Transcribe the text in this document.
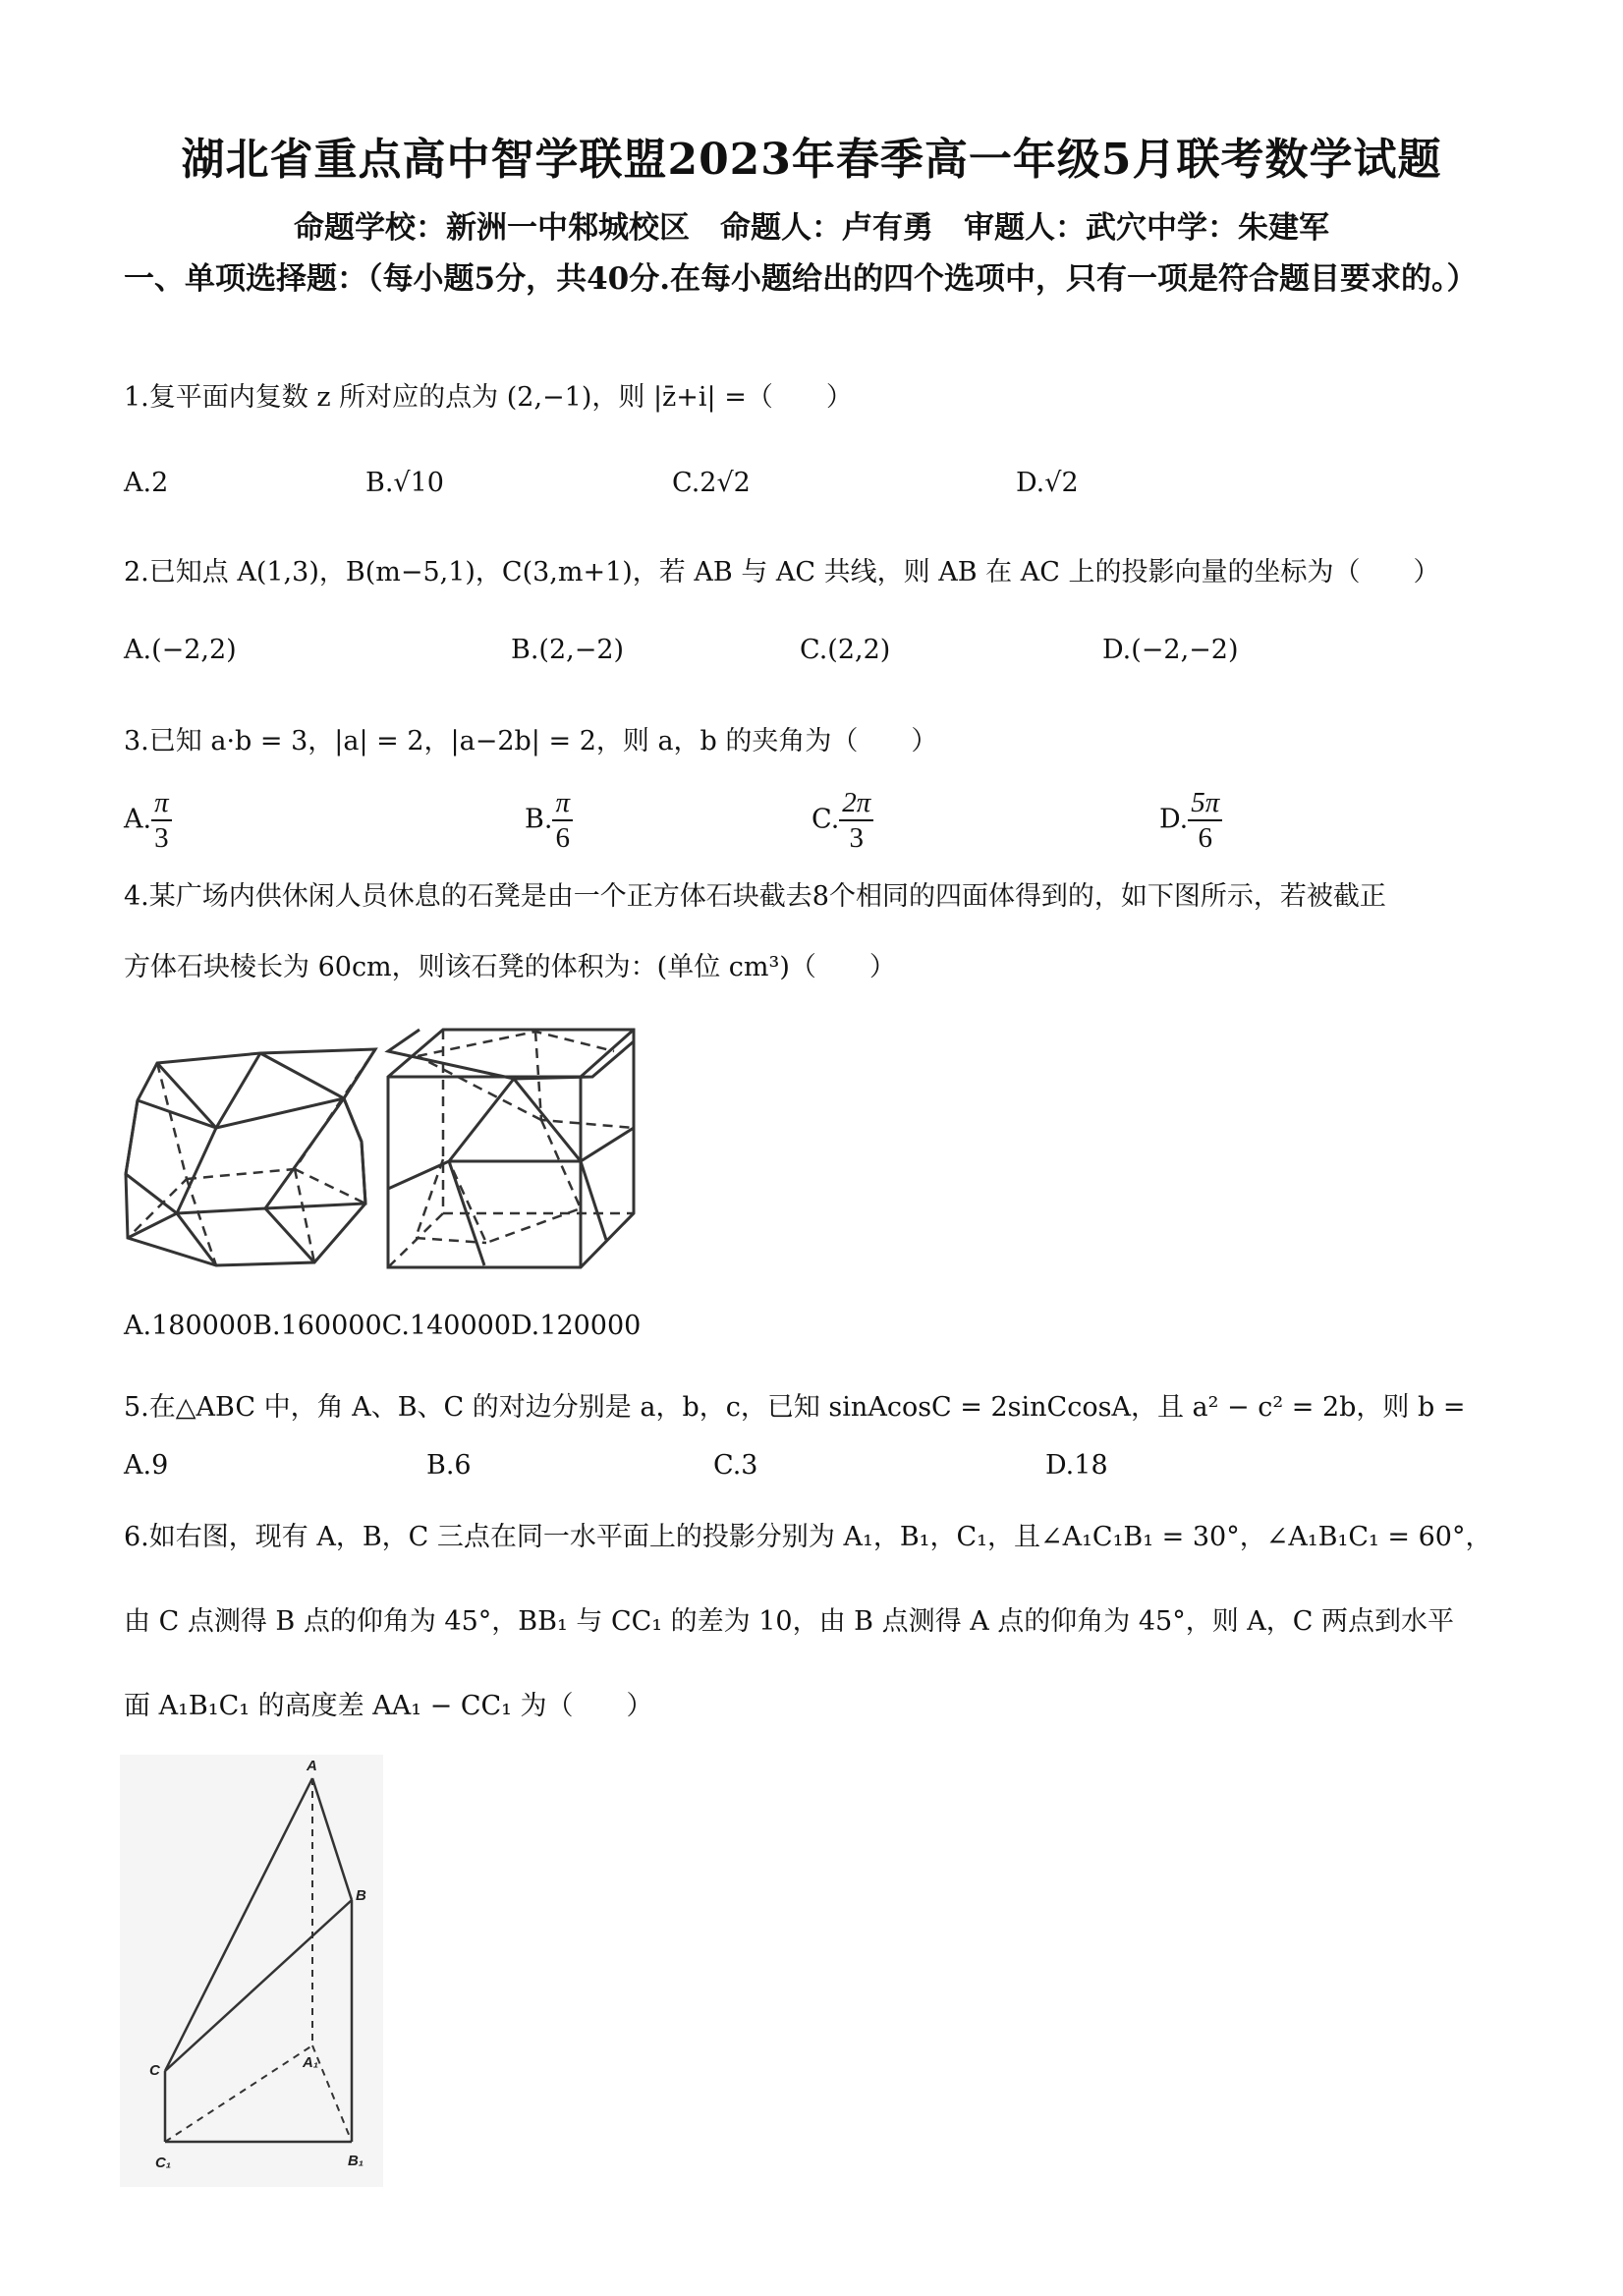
湖北省重点高中智学联盟2023年春季高一年级5月联考数学试题
命题学校：新洲一中邾城校区　命题人：卢有勇　审题人：武穴中学：朱建军
一、单项选择题：（每小题5分，共40分.在每小题给出的四个选项中，只有一项是符合题目要求的。）
1.复平面内复数 z 所对应的点为 (2,−1)，则 |z̄+i| =（　　）
A.2	B.√10	C.2√2	D.√2
2.已知点 A(1,3)，B(m−5,1)，C(3,m+1)，若 AB 与 AC 共线，则 AB 在 AC 上的投影向量的坐标为（　　）
A.(−2,2)	B.(2,−2)	C.(2,2)	D.(−2,−2)
3.已知 a·b = 3，|a| = 2，|a−2b| = 2，则 a，b 的夹角为（　　）
A. $\frac{\pi}{3}$	B. $\frac{\pi}{6}$	C. $\frac{2\pi}{3}$	D. $\frac{5\pi}{6}$
4.某广场内供休闲人员休息的石凳是由一个正方体石块截去8个相同的四面体得到的，如下图所示，若被截正
方体石块棱长为 60cm，则该石凳的体积为：(单位 cm³)（　　）
A.180000B.160000C.140000D.120000
5.在△ABC 中，角 A、B、C 的对边分别是 a，b，c，已知 sinAcosC = 2sinCcosA，且 a² − c² = 2b，则 b =
A.9	B.6	C.3	D.18
6.如右图，现有 A，B，C 三点在同一水平面上的投影分别为 A₁，B₁，C₁，且∠A₁C₁B₁ = 30°，∠A₁B₁C₁ = 60°，
由 C 点测得 B 点的仰角为 45°，BB₁ 与 CC₁ 的差为 10，由 B 点测得 A 点的仰角为 45°，则 A，C 两点到水平
面 A₁B₁C₁ 的高度差 AA₁ − CC₁ 为（　　）
A
B
C	A₁
B₁
C₁
